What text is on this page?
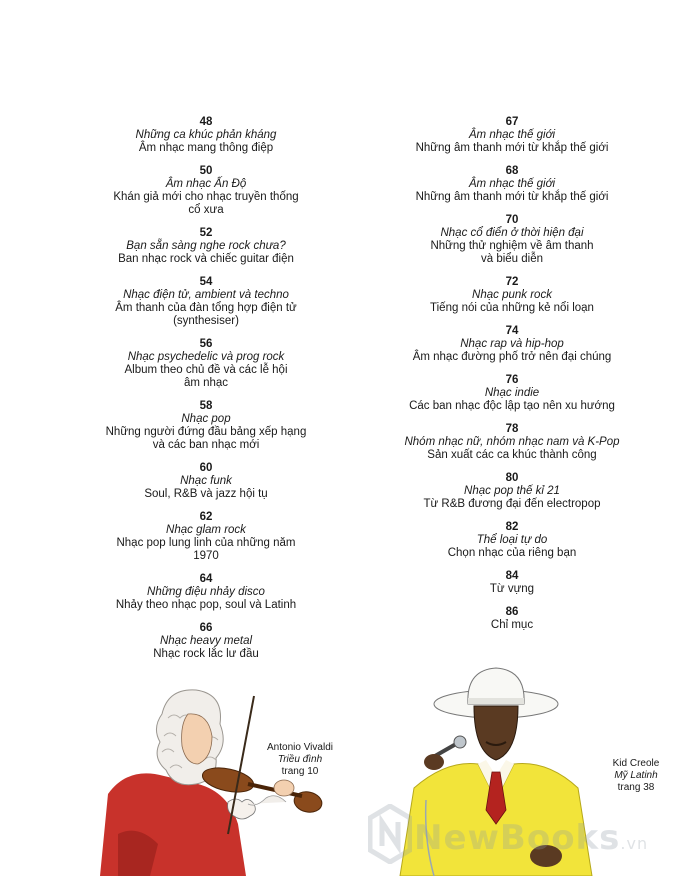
48
Những ca khúc phản kháng
Âm nhạc mang thông điệp
50
Âm nhạc Ấn Độ
Khán giả mới cho nhạc truyền thống
cổ xưa
52
Bạn sẵn sàng nghe rock chưa?
Ban nhạc rock và chiếc guitar điện
54
Nhạc điện tử, ambient và techno
Âm thanh của đàn tổng hợp điện tử
(synthesiser)
56
Nhạc psychedelic và prog rock
Album theo chủ đề và các lễ hội
âm nhạc
58
Nhạc pop
Những người đứng đầu bảng xếp hạng
và các ban nhạc mới
60
Nhạc funk
Soul, R&B và jazz hội tụ
62
Nhạc glam rock
Nhạc pop lung linh của những năm
1970
64
Những điệu nhảy disco
Nhảy theo nhạc pop, soul và Latinh
66
Nhạc heavy metal
Nhạc rock lắc lư đầu
67
Âm nhạc thế giới
Những âm thanh mới từ khắp thế giới
68
Âm nhạc thế giới
Những âm thanh mới từ khắp thế giới
70
Nhạc cổ điển ở thời hiện đại
Những thử nghiệm về âm thanh
và biểu diễn
72
Nhạc punk rock
Tiếng nói của những kẻ nổi loạn
74
Nhạc rap và hip-hop
Âm nhạc đường phố trở nên đại chúng
76
Nhạc indie
Các ban nhạc độc lập tạo nên xu hướng
78
Nhóm nhạc nữ, nhóm nhạc nam và K-Pop
Sản xuất các ca khúc thành công
80
Nhạc pop thế kỉ 21
Từ R&B đương đại đến electropop
82
Thể loại tự do
Chọn nhạc của riêng bạn
84
Từ vựng
86
Chỉ mục
Antonio Vivaldi
Triều đình
trang 10
Kid Creole
Mỹ Latinh
trang 38
NewBooks.vn
